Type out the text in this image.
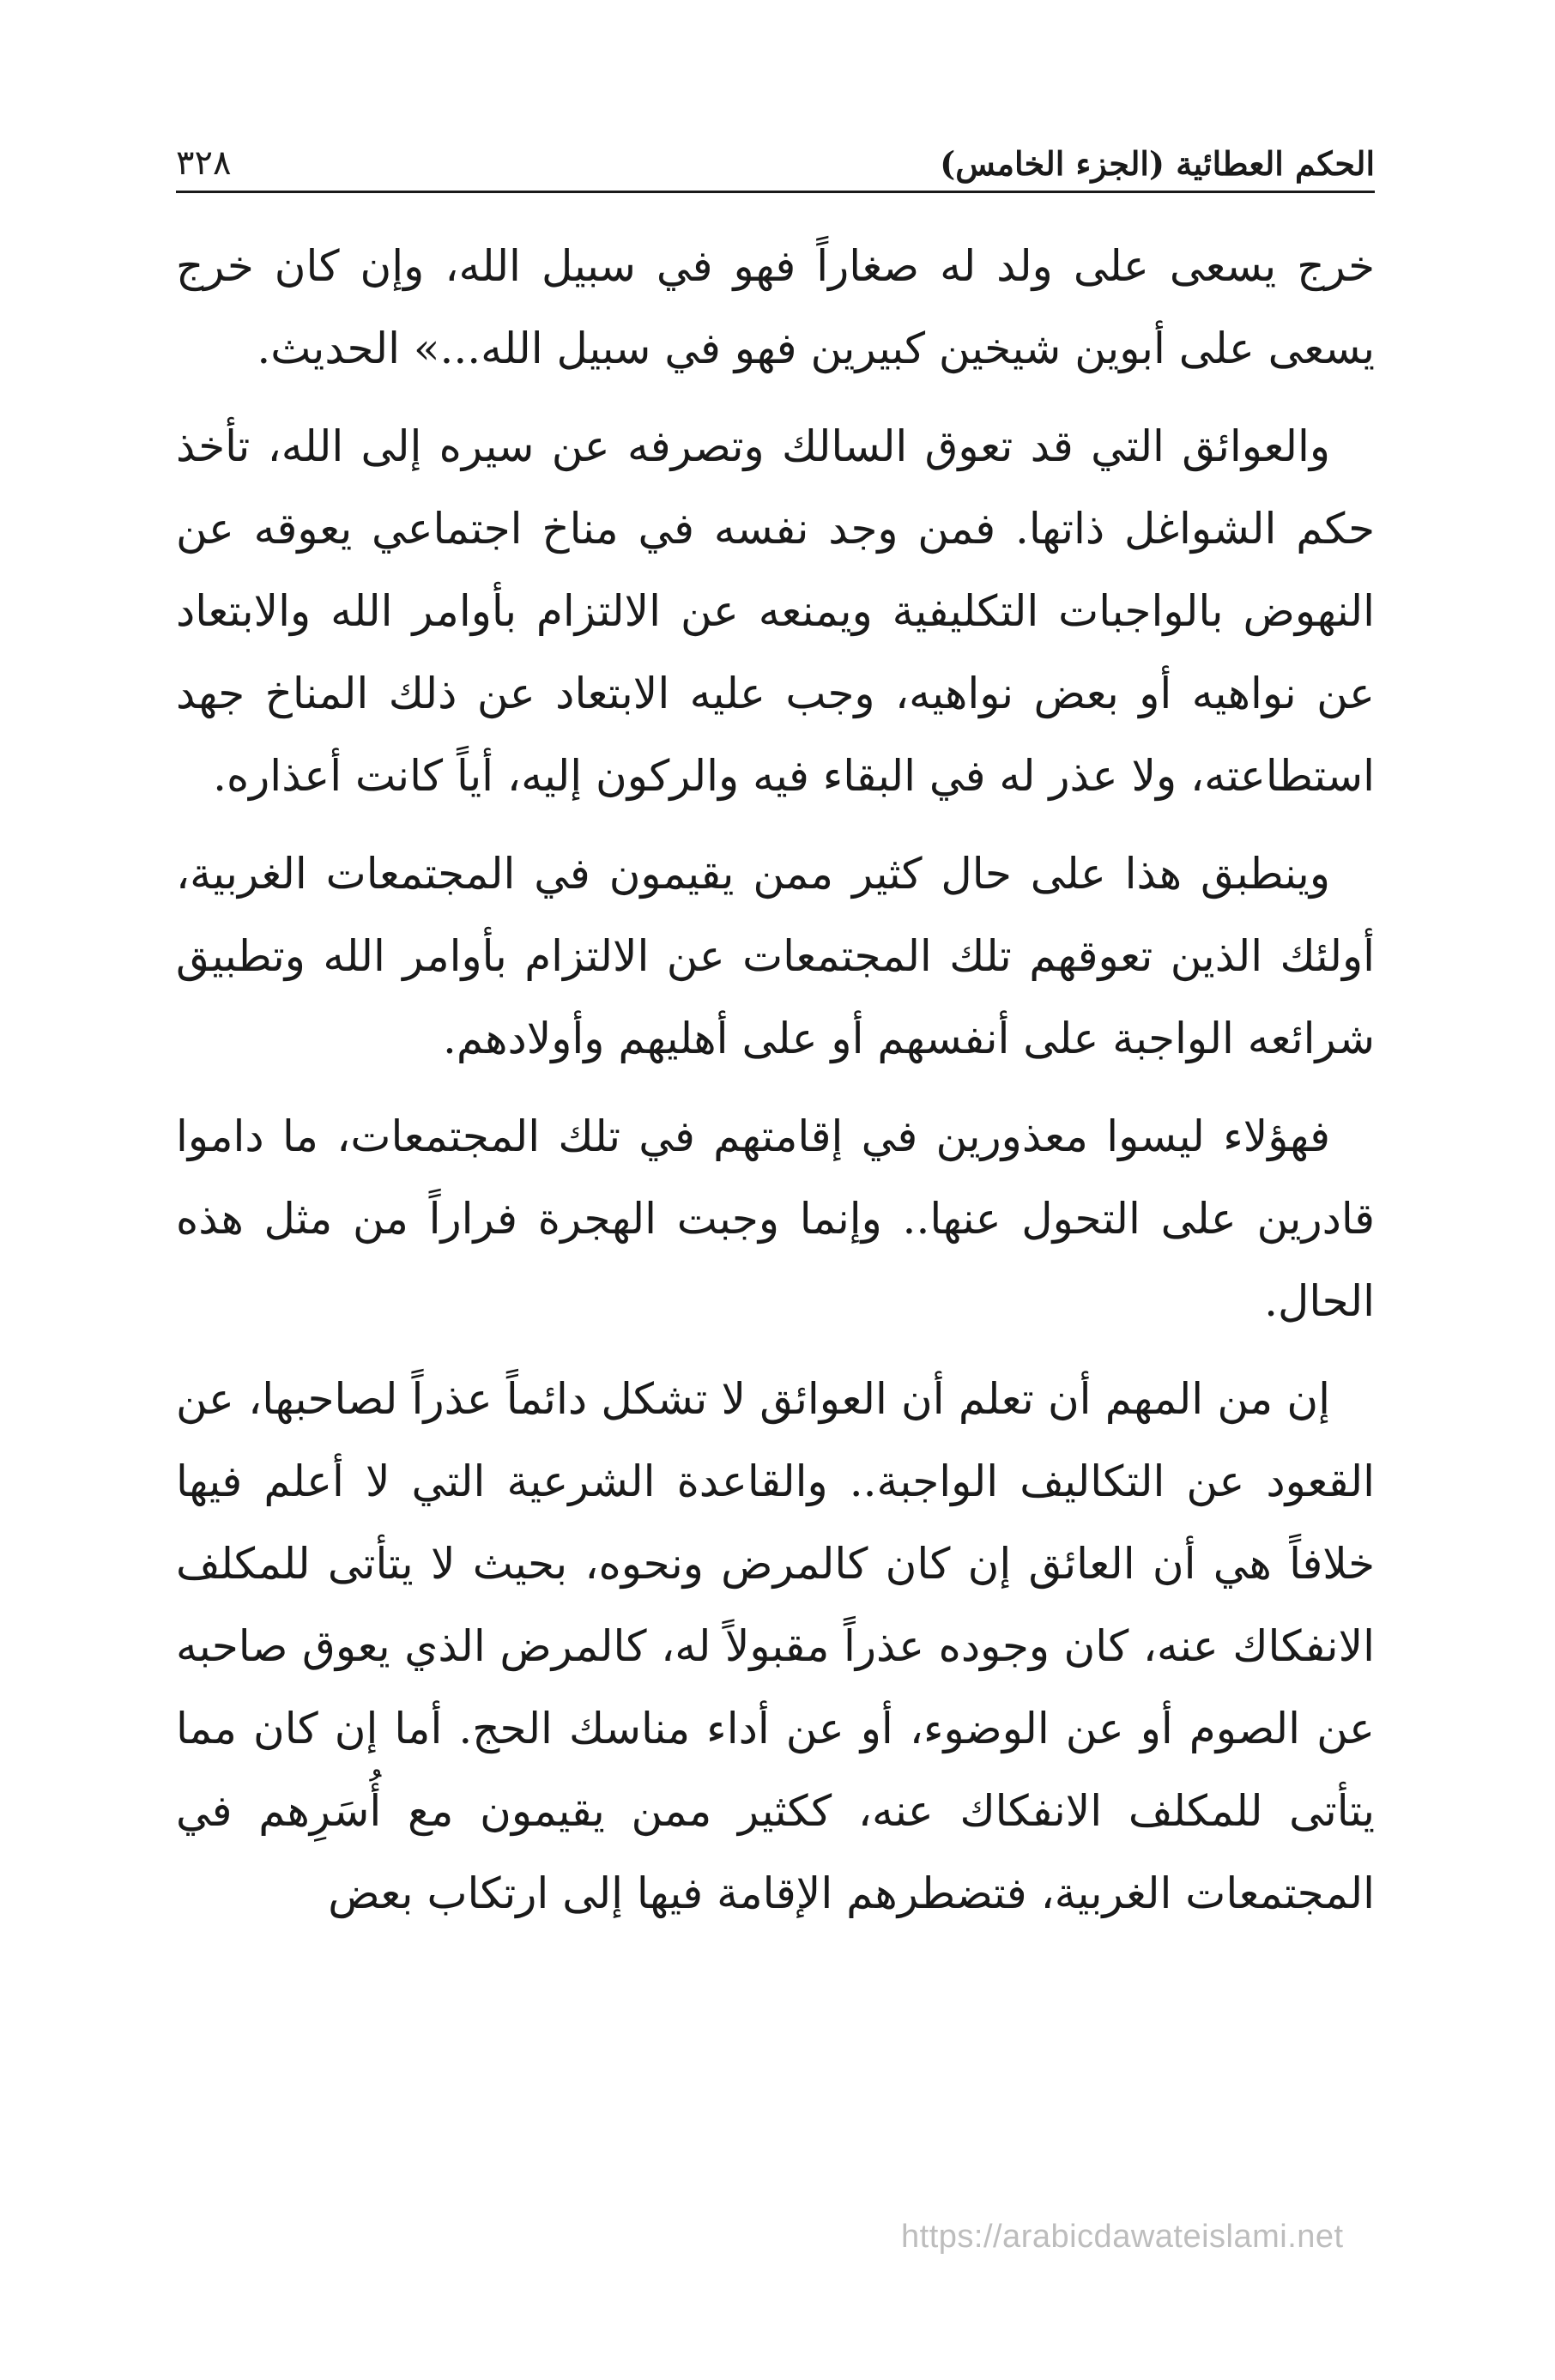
الحكم العطائية (الجزء الخامس)
٣٢٨

خرج يسعى على ولد له صغاراً فهو في سبيل الله، وإن كان خرج يسعى على أبوين شيخين كبيرين فهو في سبيل الله...» الحديث.

والعوائق التي قد تعوق السالك وتصرفه عن سيره إلى الله، تأخذ حكم الشواغل ذاتها. فمن وجد نفسه في مناخ اجتماعي يعوقه عن النهوض بالواجبات التكليفية ويمنعه عن الالتزام بأوامر الله والابتعاد عن نواهيه أو بعض نواهيه، وجب عليه الابتعاد عن ذلك المناخ جهد استطاعته، ولا عذر له في البقاء فيه والركون إليه، أياً كانت أعذاره.

وينطبق هذا على حال كثير ممن يقيمون في المجتمعات الغربية، أولئك الذين تعوقهم تلك المجتمعات عن الالتزام بأوامر الله وتطبيق شرائعه الواجبة على أنفسهم أو على أهليهم وأولادهم.

فهؤلاء ليسوا معذورين في إقامتهم في تلك المجتمعات، ما داموا قادرين على التحول عنها.. وإنما وجبت الهجرة فراراً من مثل هذه الحال.

إن من المهم أن تعلم أن العوائق لا تشكل دائماً عذراً لصاحبها، عن القعود عن التكاليف الواجبة.. والقاعدة الشرعية التي لا أعلم فيها خلافاً هي أن العائق إن كان كالمرض ونحوه، بحيث لا يتأتى للمكلف الانفكاك عنه، كان وجوده عذراً مقبولاً له، كالمرض الذي يعوق صاحبه عن الصوم أو عن الوضوء، أو عن أداء مناسك الحج. أما إن كان مما يتأتى للمكلف الانفكاك عنه، ككثير ممن يقيمون مع أُسَرِهم في المجتمعات الغربية، فتضطرهم الإقامة فيها إلى ارتكاب بعض

https://arabicdawateislami.net
